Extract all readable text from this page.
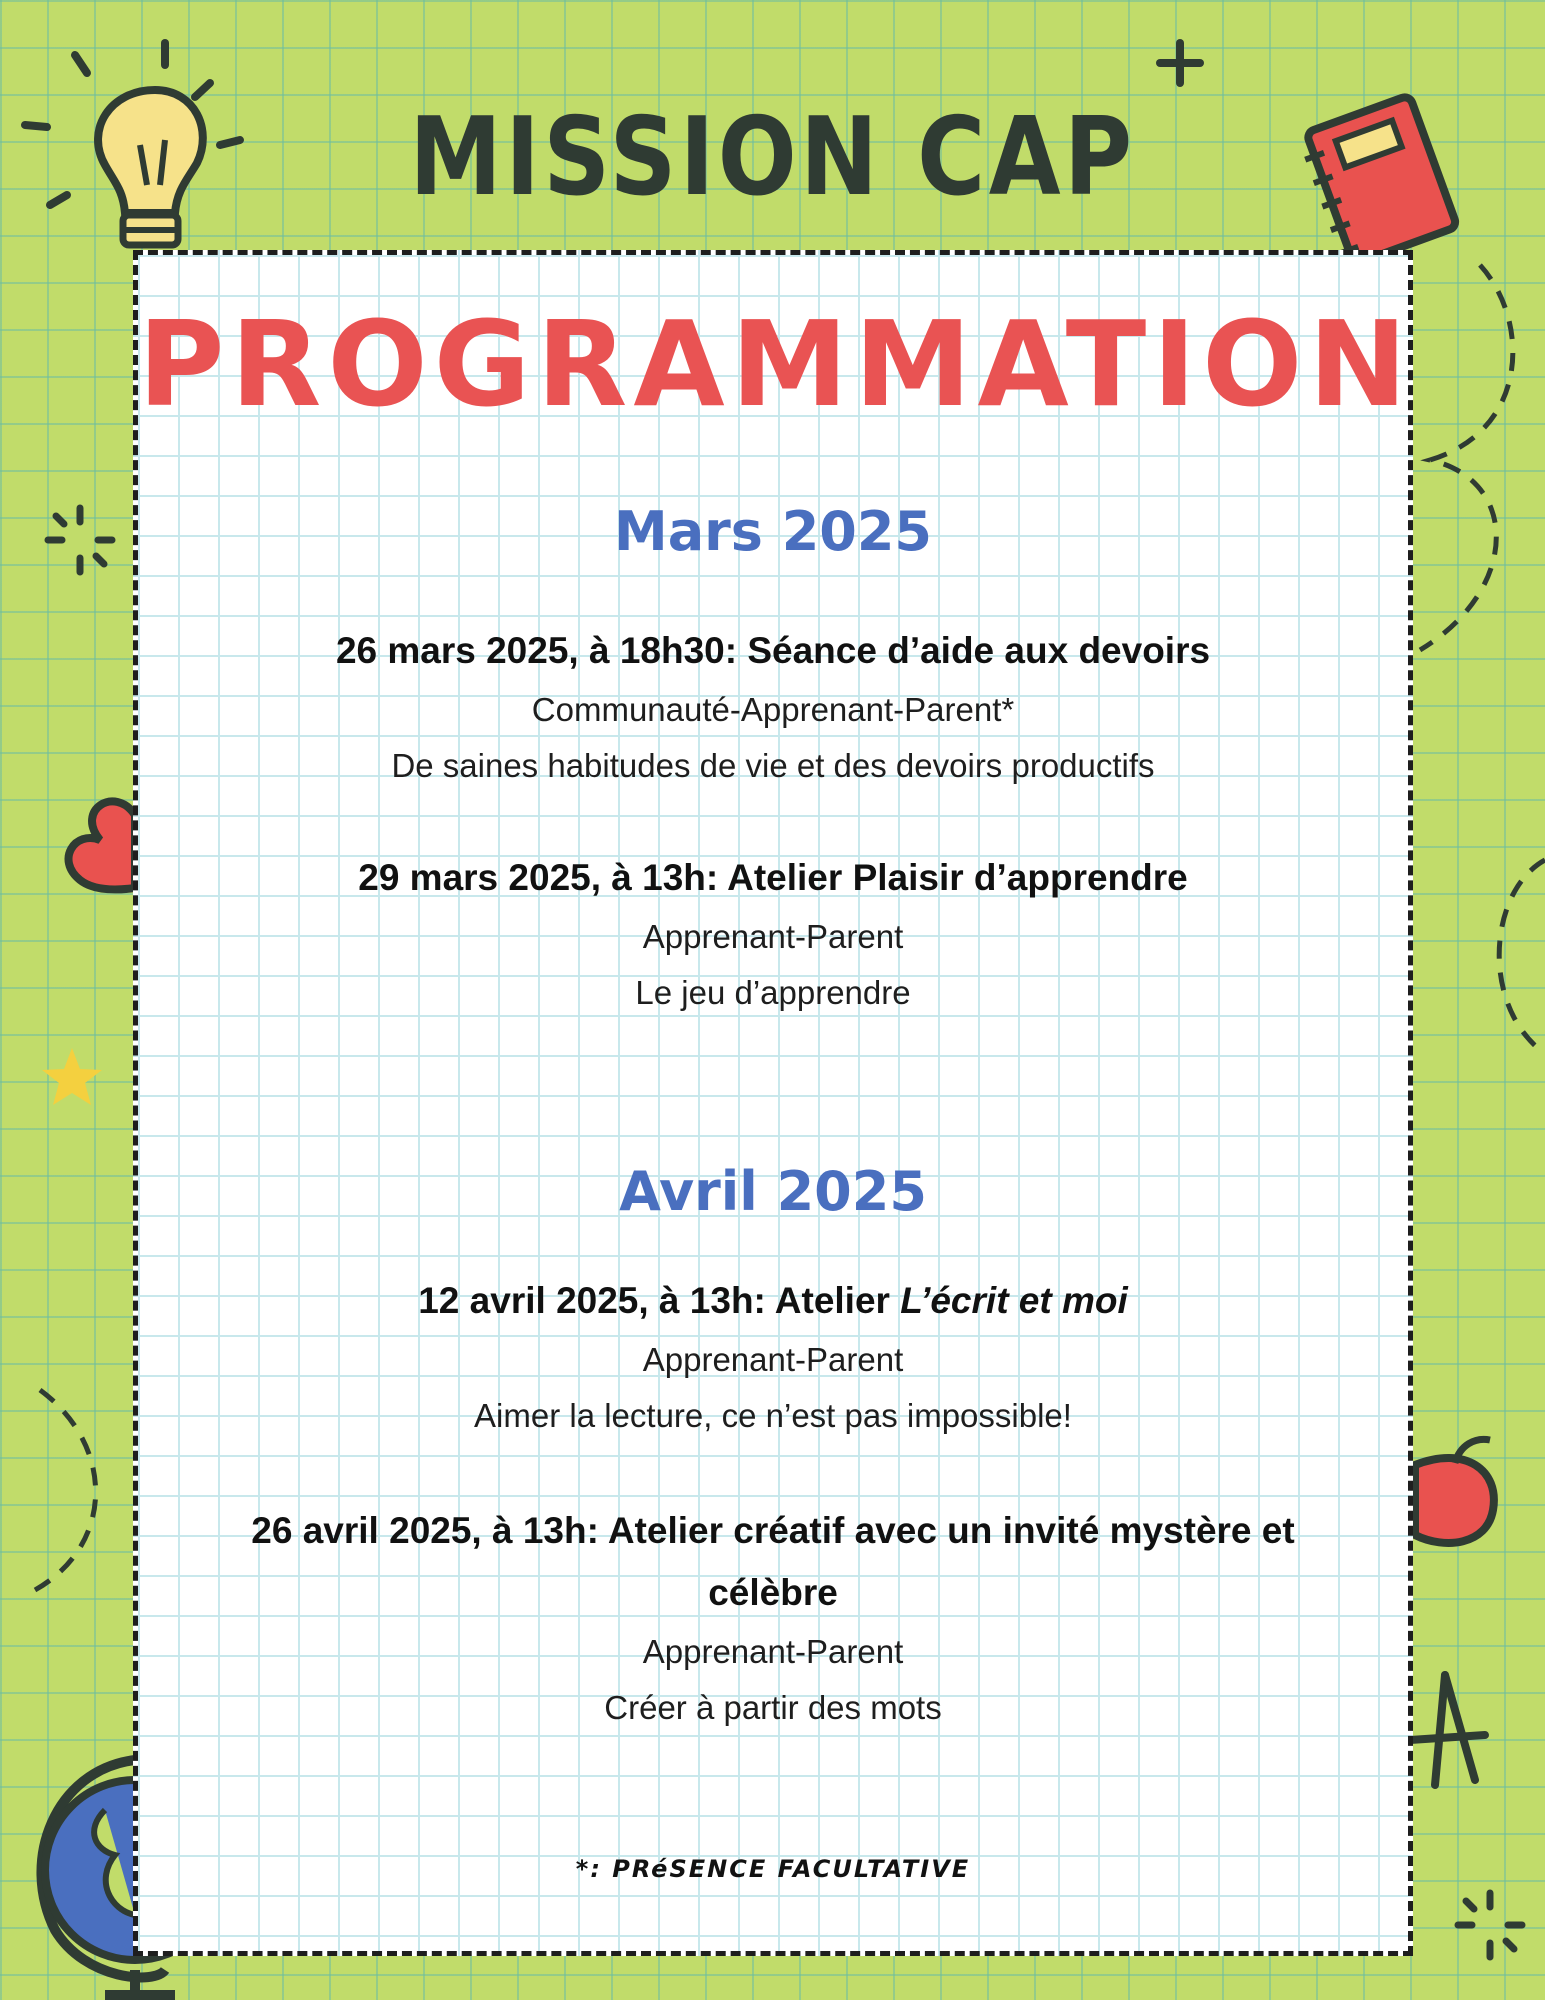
MISSION CAP
PROGRAMMATION
Mars 2025
26 mars 2025, à 18h30: Séance d’aide aux devoirs
Communauté-Apprenant-Parent*
De saines habitudes de vie et des devoirs productifs
29 mars 2025, à 13h: Atelier Plaisir d’apprendre
Apprenant-Parent
Le jeu d’apprendre
Avril 2025
12 avril 2025, à 13h: Atelier L’écrit et moi
Apprenant-Parent
Aimer la lecture, ce n’est pas impossible!
26 avril 2025, à 13h: Atelier créatif avec un invité mystère et célèbre
Apprenant-Parent
Créer à partir des mots
*: PRéSENCE FACULTATIVE
